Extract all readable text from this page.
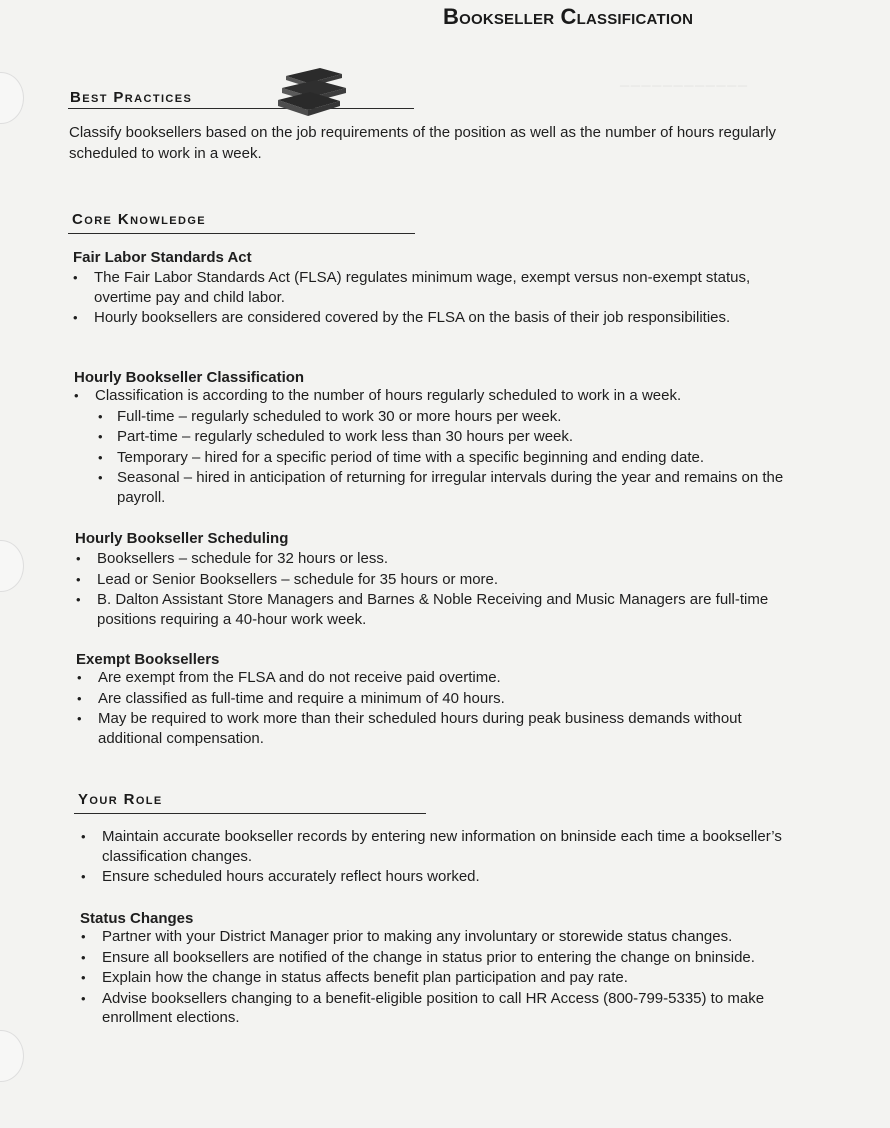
────────────
Bookseller Classification
Best Practices
Classify booksellers based on the job requirements of the position as well as the number of hours regularly scheduled to work in a week.
Core Knowledge
Fair Labor Standards Act
• The Fair Labor Standards Act (FLSA) regulates minimum wage, exempt versus non-exempt status, overtime pay and child labor.
• Hourly booksellers are considered covered by the FLSA on the basis of their job responsibilities.
Hourly Bookseller Classification
• Classification is according to the number of hours regularly scheduled to work in a week.
• Full-time – regularly scheduled to work 30 or more hours per week.
• Part-time – regularly scheduled to work less than 30 hours per week.
• Temporary – hired for a specific period of time with a specific beginning and ending date.
• Seasonal – hired in anticipation of returning for irregular intervals during the year and remains on the payroll.
Hourly Bookseller Scheduling
• Booksellers – schedule for 32 hours or less.
• Lead or Senior Booksellers – schedule for 35 hours or more.
• B. Dalton Assistant Store Managers and Barnes & Noble Receiving and Music Managers are full-time positions requiring a 40-hour work week.
Exempt Booksellers
• Are exempt from the FLSA and do not receive paid overtime.
• Are classified as full-time and require a minimum of 40 hours.
• May be required to work more than their scheduled hours during peak business demands without additional compensation.
Your Role
• Maintain accurate bookseller records by entering new information on bninside each time a bookseller’s classification changes.
• Ensure scheduled hours accurately reflect hours worked.
Status Changes
• Partner with your District Manager prior to making any involuntary or storewide status changes.
• Ensure all booksellers are notified of the change in status prior to entering the change on bninside.
• Explain how the change in status affects benefit plan participation and pay rate.
• Advise booksellers changing to a benefit-eligible position to call HR Access (800-799-5335) to make enrollment elections.
